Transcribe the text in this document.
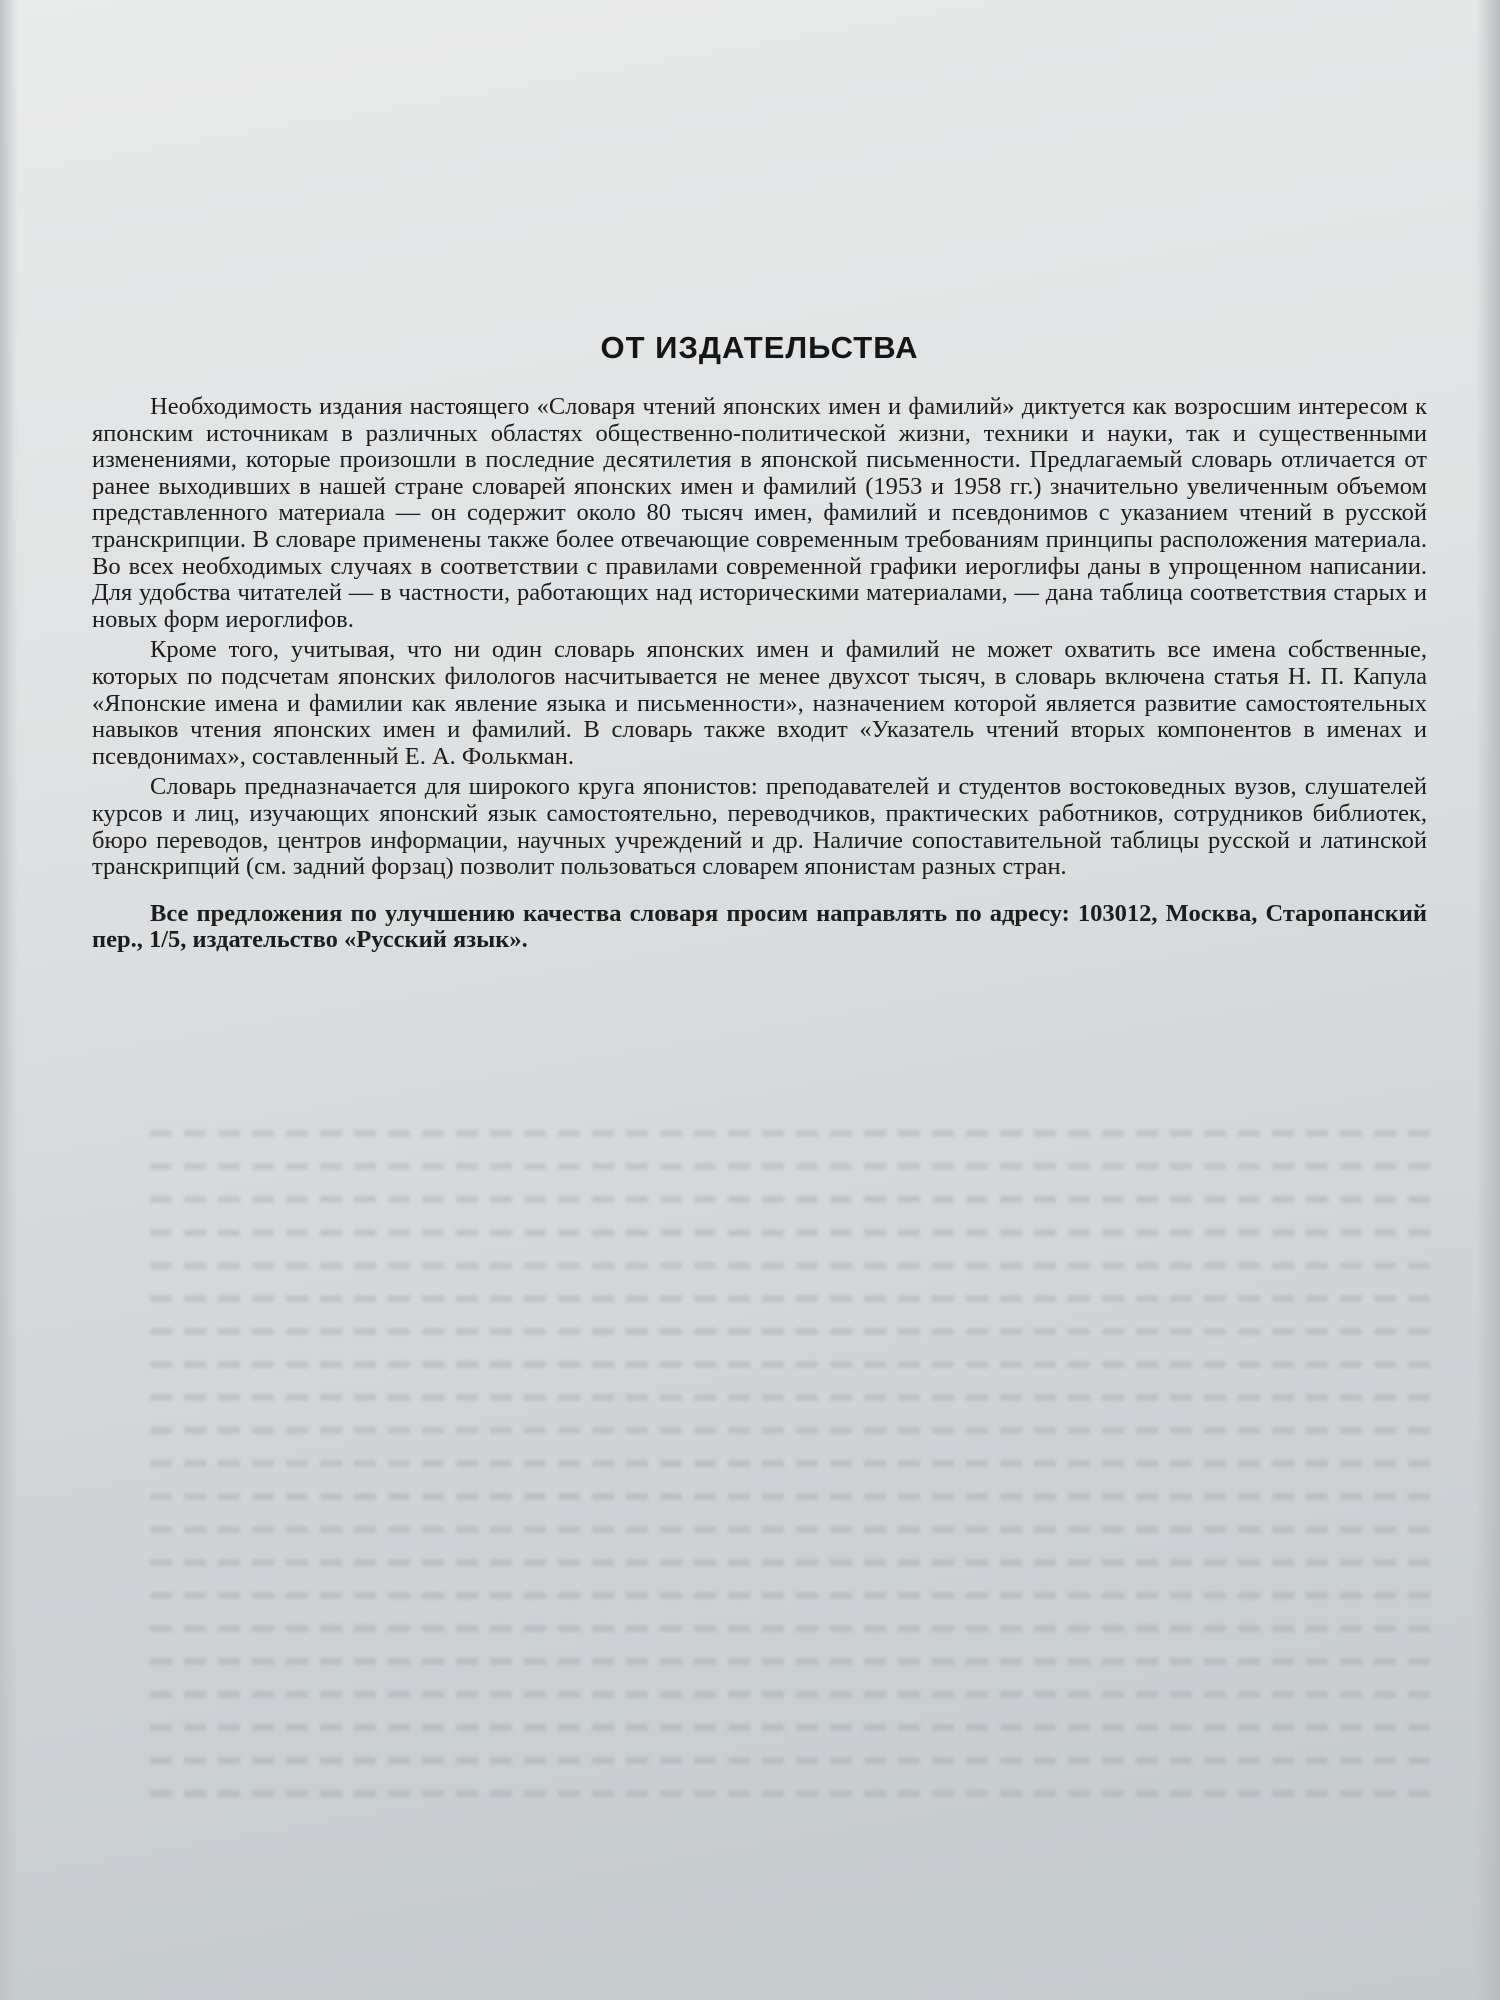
ОТ ИЗДАТЕЛЬСТВА

Необходимость издания настоящего «Словаря чтений японских имен и фамилий» диктуется как возросшим интересом к японским источникам в различных областях общественно-политической жизни, техники и науки, так и существенными изменениями, которые произошли в последние десятилетия в японской письменности. Предлагаемый словарь отличается от ранее выходивших в нашей стране словарей японских имен и фамилий (1953 и 1958 гг.) значительно увеличенным объемом представленного материала — он содержит около 80 тысяч имен, фамилий и псевдонимов с указанием чтений в русской транскрипции. В словаре применены также более отвечающие современным требованиям принципы расположения материала. Во всех необходимых случаях в соответствии с правилами современной графики иероглифы даны в упрощенном написании. Для удобства читателей — в частности, работающих над историческими материалами, — дана таблица соответствия старых и новых форм иероглифов.

Кроме того, учитывая, что ни один словарь японских имен и фамилий не может охватить все имена собственные, которых по подсчетам японских филологов насчитывается не менее двухсот тысяч, в словарь включена статья Н. П. Капула «Японские имена и фамилии как явление языка и письменности», назначением которой является развитие самостоятельных навыков чтения японских имен и фамилий. В словарь также входит «Указатель чтений вторых компонентов в именах и псевдонимах», составленный Е. А. Фолькман.

Словарь предназначается для широкого круга японистов: преподавателей и студентов востоковедных вузов, слушателей курсов и лиц, изучающих японский язык самостоятельно, переводчиков, практических работников, сотрудников библиотек, бюро переводов, центров информации, научных учреждений и др. Наличие сопоставительной таблицы русской и латинской транскрипций (см. задний форзац) позволит пользоваться словарем японистам разных стран.

Все предложения по улучшению качества словаря просим направлять по адресу: 103012, Москва, Старопанский пер., 1/5, издательство «Русский язык».
